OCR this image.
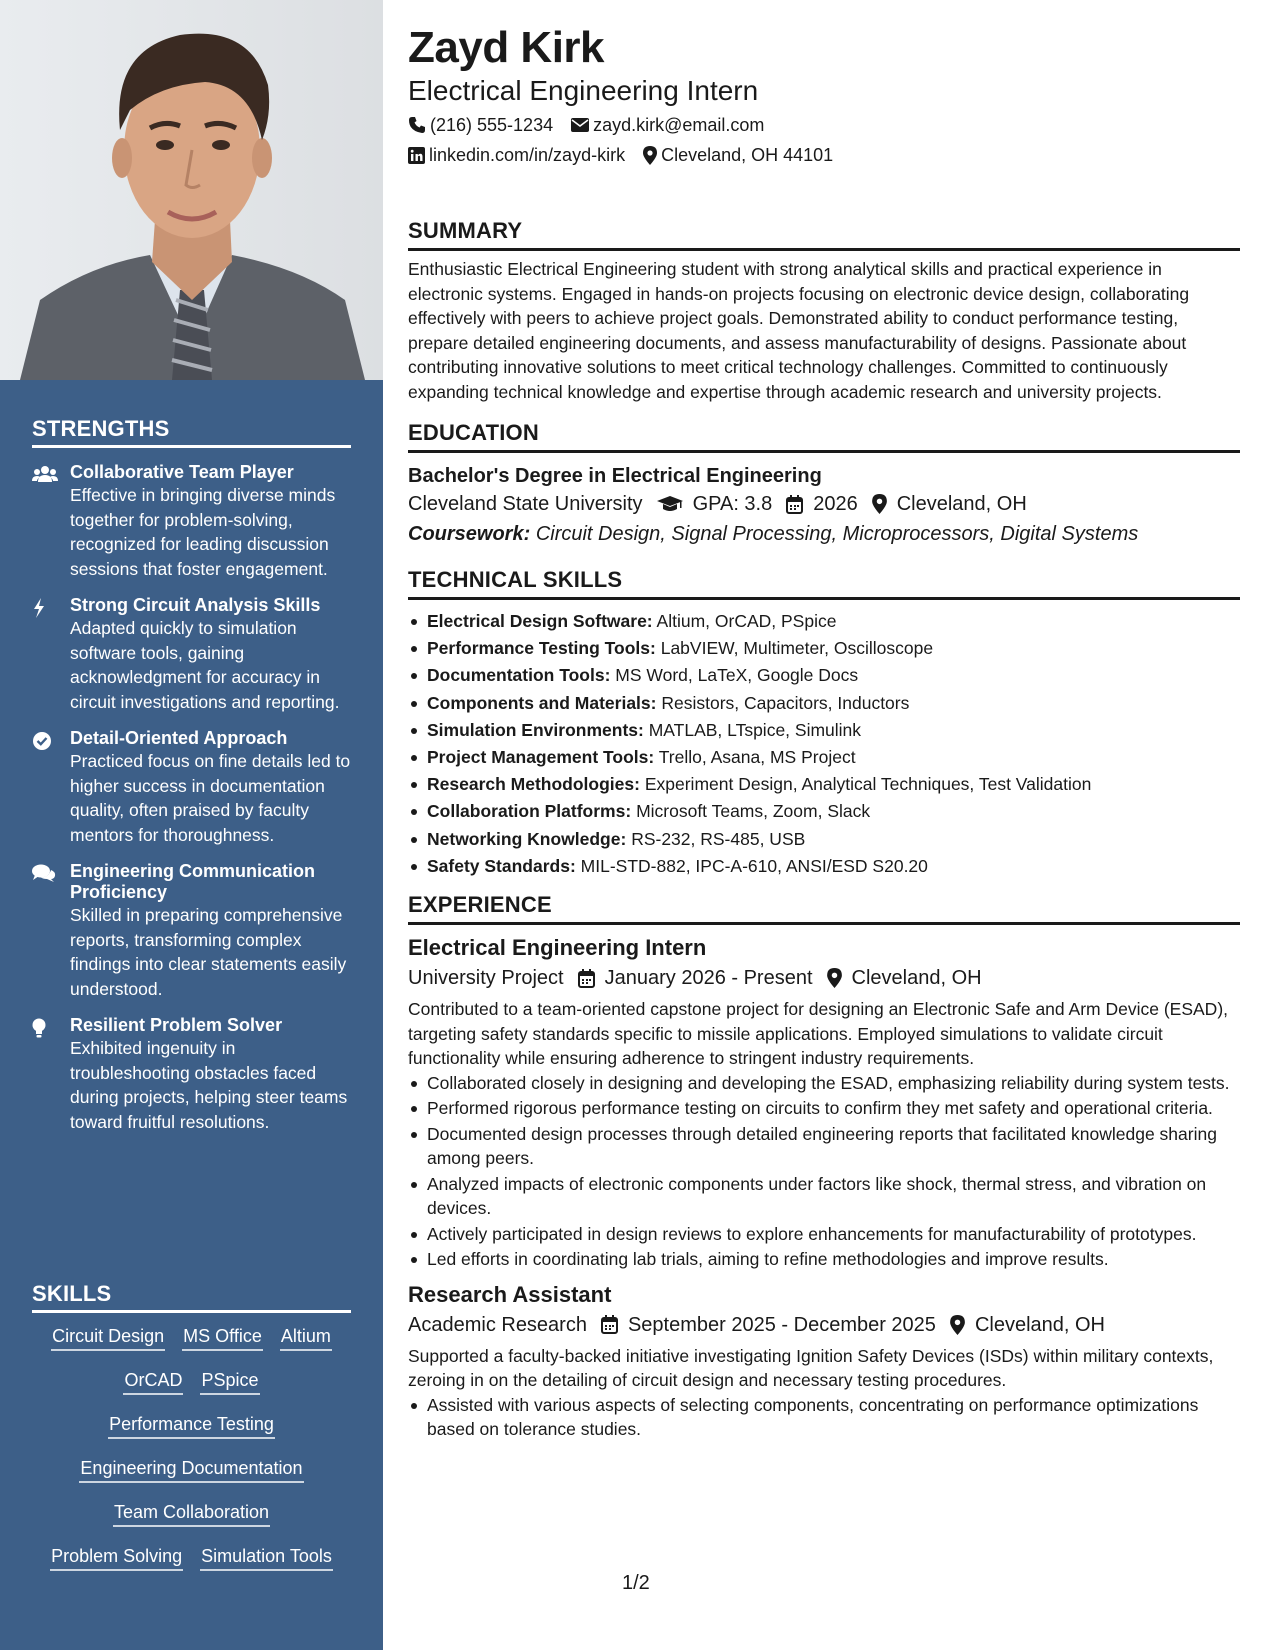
STRENGTHS
Collaborative Team Player
Effective in bringing diverse minds together for problem-solving, recognized for leading discussion sessions that foster engagement.
Strong Circuit Analysis Skills
Adapted quickly to simulation software tools, gaining acknowledgment for accuracy in circuit investigations and reporting.
Detail-Oriented Approach
Practiced focus on fine details led to higher success in documentation quality, often praised by faculty mentors for thoroughness.
Engineering Communication Proficiency
Skilled in preparing comprehensive reports, transforming complex findings into clear statements easily understood.
Resilient Problem Solver
Exhibited ingenuity in troubleshooting obstacles faced during projects, helping steer teams toward fruitful resolutions.
SKILLS
Circuit Design MS Office Altium
OrCAD PSpice
Performance Testing
Engineering Documentation
Team Collaboration
Problem Solving Simulation Tools
Zayd Kirk
Electrical Engineering Intern
(216) 555-1234 zayd.kirk@email.com
linkedin.com/in/zayd-kirk Cleveland, OH 44101
SUMMARY
Enthusiastic Electrical Engineering student with strong analytical skills and practical experience in electronic systems. Engaged in hands-on projects focusing on electronic device design, collaborating effectively with peers to achieve project goals. Demonstrated ability to conduct performance testing, prepare detailed engineering documents, and assess manufacturability of designs. Passionate about contributing innovative solutions to meet critical technology challenges. Committed to continuously expanding technical knowledge and expertise through academic research and university projects.
EDUCATION
Bachelor's Degree in Electrical Engineering
Cleveland State University	GPA: 3.8 2026 Cleveland, OH
Coursework: Circuit Design, Signal Processing, Microprocessors, Digital Systems
TECHNICAL SKILLS
Electrical Design Software: Altium, OrCAD, PSpice
Performance Testing Tools: LabVIEW, Multimeter, Oscilloscope
Documentation Tools: MS Word, LaTeX, Google Docs
Components and Materials: Resistors, Capacitors, Inductors
Simulation Environments: MATLAB, LTspice, Simulink
Project Management Tools: Trello, Asana, MS Project
Research Methodologies: Experiment Design, Analytical Techniques, Test Validation
Collaboration Platforms: Microsoft Teams, Zoom, Slack
Networking Knowledge: RS-232, RS-485, USB
Safety Standards: MIL-STD-882, IPC-A-610, ANSI/ESD S20.20
EXPERIENCE
Electrical Engineering Intern
University Project January 2026 - Present Cleveland, OH
Contributed to a team-oriented capstone project for designing an Electronic Safe and Arm Device (ESAD), targeting safety standards specific to missile applications. Employed simulations to validate circuit functionality while ensuring adherence to stringent industry requirements.
Collaborated closely in designing and developing the ESAD, emphasizing reliability during system tests.
Performed rigorous performance testing on circuits to confirm they met safety and operational criteria.
Documented design processes through detailed engineering reports that facilitated knowledge sharing among peers.
Analyzed impacts of electronic components under factors like shock, thermal stress, and vibration on devices.
Actively participated in design reviews to explore enhancements for manufacturability of prototypes.
Led efforts in coordinating lab trials, aiming to refine methodologies and improve results.
Research Assistant
Academic Research September 2025 - December 2025 Cleveland, OH
Supported a faculty-backed initiative investigating Ignition Safety Devices (ISDs) within military contexts, zeroing in on the detailing of circuit design and necessary testing procedures.
Assisted with various aspects of selecting components, concentrating on performance optimizations based on tolerance studies.
1/2
